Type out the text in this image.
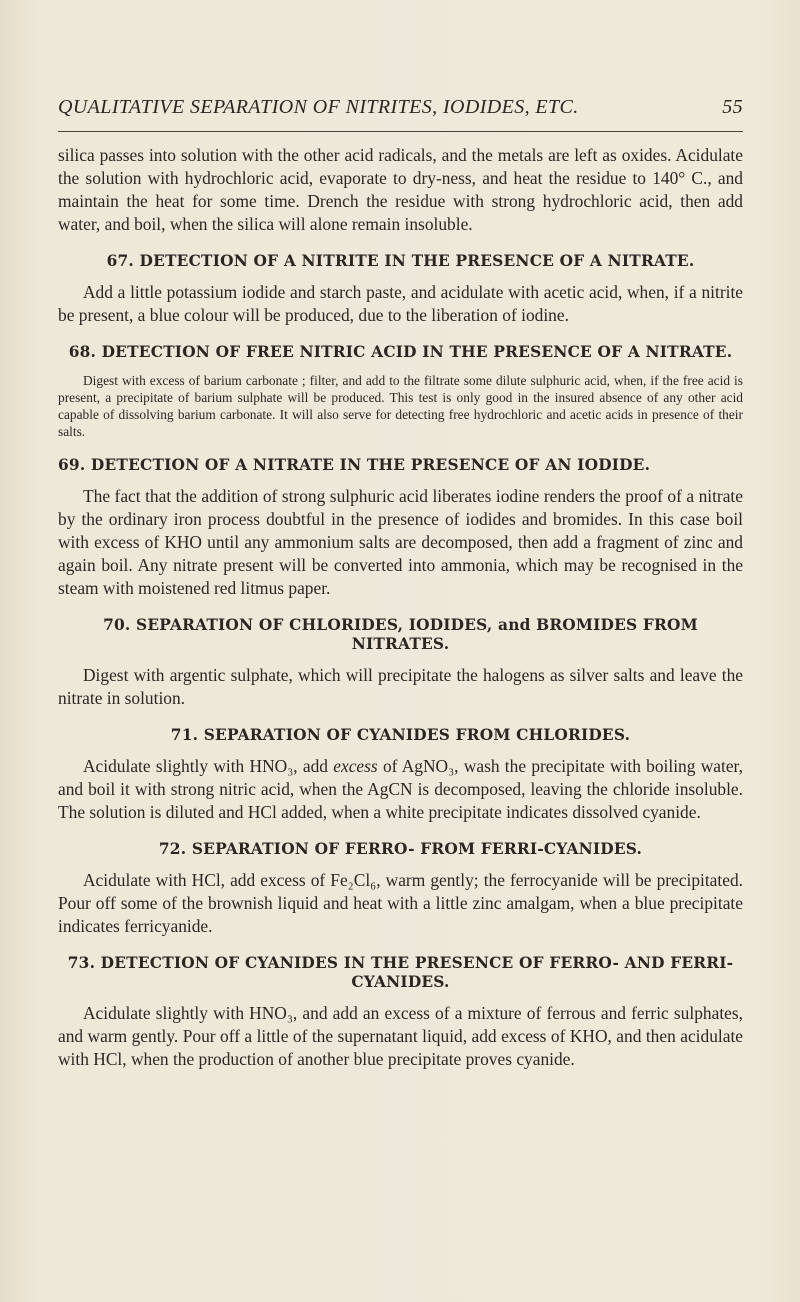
QUALITATIVE SEPARATION OF NITRITES, IODIDES, ETC.	55

silica passes into solution with the other acid radicals, and the metals are left as oxides. Acidulate the solution with hydrochloric acid, evaporate to dry-ness, and heat the residue to 140° C., and maintain the heat for some time. Drench the residue with strong hydrochloric acid, then add water, and boil, when the silica will alone remain insoluble.

67. DETECTION OF A NITRITE IN THE PRESENCE OF A NITRATE.

Add a little potassium iodide and starch paste, and acidulate with acetic acid, when, if a nitrite be present, a blue colour will be produced, due to the liberation of iodine.

68. DETECTION OF FREE NITRIC ACID IN THE PRESENCE OF A NITRATE.

Digest with excess of barium carbonate ; filter, and add to the filtrate some dilute sulphuric acid, when, if the free acid is present, a precipitate of barium sulphate will be produced. This test is only good in the insured absence of any other acid capable of dissolving barium carbonate. It will also serve for detecting free hydrochloric and acetic acids in presence of their salts.

69. DETECTION OF A NITRATE IN THE PRESENCE OF AN IODIDE.

The fact that the addition of strong sulphuric acid liberates iodine renders the proof of a nitrate by the ordinary iron process doubtful in the presence of iodides and bromides. In this case boil with excess of KHO until any ammonium salts are decomposed, then add a fragment of zinc and again boil. Any nitrate present will be converted into ammonia, which may be recognised in the steam with moistened red litmus paper.

70. SEPARATION OF CHLORIDES, IODIDES, and BROMIDES FROM NITRATES.

Digest with argentic sulphate, which will precipitate the halogens as silver salts and leave the nitrate in solution.

71. SEPARATION OF CYANIDES FROM CHLORIDES.

Acidulate slightly with HNO₃, add excess of AgNO₃, wash the precipitate with boiling water, and boil it with strong nitric acid, when the AgCN is decomposed, leaving the chloride insoluble. The solution is diluted and HCl added, when a white precipitate indicates dissolved cyanide.

72. SEPARATION OF FERRO- FROM FERRI-CYANIDES.

Acidulate with HCl, add excess of Fe₂Cl₆, warm gently; the ferrocyanide will be precipitated. Pour off some of the brownish liquid and heat with a little zinc amalgam, when a blue precipitate indicates ferricyanide.

73. DETECTION OF CYANIDES IN THE PRESENCE OF FERRO- AND FERRI-CYANIDES.

Acidulate slightly with HNO₃, and add an excess of a mixture of ferrous and ferric sulphates, and warm gently. Pour off a little of the supernatant liquid, add excess of KHO, and then acidulate with HCl, when the production of another blue precipitate proves cyanide.
